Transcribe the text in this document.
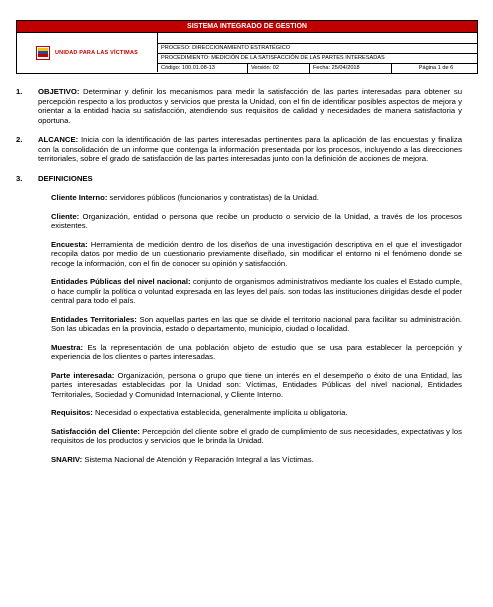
SISTEMA INTEGRADO DE GESTION
UNIDAD PARA LAS VÍCTIMAS
PROCESO: DIRECCIONAMIENTO ESTRATÉGICO
PROCEDIMIENTO: MEDICIÓN DE LA SATISFACCIÓN DE LAS PARTES INTERESADAS
Código: 100.01.08-13	Versión: 02	Fecha: 25/04/2018	Página 1 de 6

1. OBJETIVO: Determinar y definir los mecanismos para medir la satisfacción de las partes interesadas para obtener su percepción respecto a los productos y servicios que presta la Unidad, con el fin de identificar posibles aspectos de mejora y orientar a la entidad hacia su satisfacción, atendiendo sus requisitos de calidad y necesidades de manera satisfactoria y oportuna.

2. ALCANCE: Inicia con la identificación de las partes interesadas pertinentes para la aplicación de las encuestas y finaliza con la consolidación de un informe que contenga la información presentada por los procesos, incluyendo a las direcciones territoriales, sobre el grado de satisfacción de las partes interesadas junto con la definición de acciones de mejora.

3. DEFINICIONES

Cliente Interno: servidores públicos (funcionarios y contratistas) de la Unidad.

Cliente: Organización, entidad o persona que recibe un producto o servicio de la Unidad, a través de los procesos existentes.

Encuesta: Herramienta de medición dentro de los diseños de una investigación descriptiva en el que el investigador recopila datos por medio de un cuestionario previamente diseñado, sin modificar el entorno ni el fenómeno donde se recoge la información, con el fin de conocer su opinión y satisfacción.

Entidades Públicas del nivel nacional: conjunto de organismos administrativos mediante los cuales el Estado cumple, o hace cumplir la política o voluntad expresada en las leyes del país. son todas las instituciones dirigidas desde el poder central para todo el país.

Entidades Territoriales: Son aquellas partes en las que se divide el territorio nacional para facilitar su administración. Son las ubicadas en la provincia, estado o departamento, municipio, ciudad o localidad.

Muestra: Es la representación de una población objeto de estudio que se usa para establecer la percepción y experiencia de los clientes o partes interesadas.

Parte interesada: Organización, persona o grupo que tiene un interés en el desempeño o éxito de una Entidad, las partes interesadas establecidas por la Unidad son: Víctimas, Entidades Públicas del nivel nacional, Entidades Territoriales, Sociedad y Comunidad Internacional, y Cliente Interno.

Requisitos: Necesidad o expectativa establecida, generalmente implícita u obligatoria.

Satisfacción del Cliente: Percepción del cliente sobre el grado de cumplimiento de sus necesidades, expectativas y los requisitos de los productos y servicios que le brinda la Unidad.

SNARIV: Sistema Nacional de Atención y Reparación Integral a las Víctimas.
